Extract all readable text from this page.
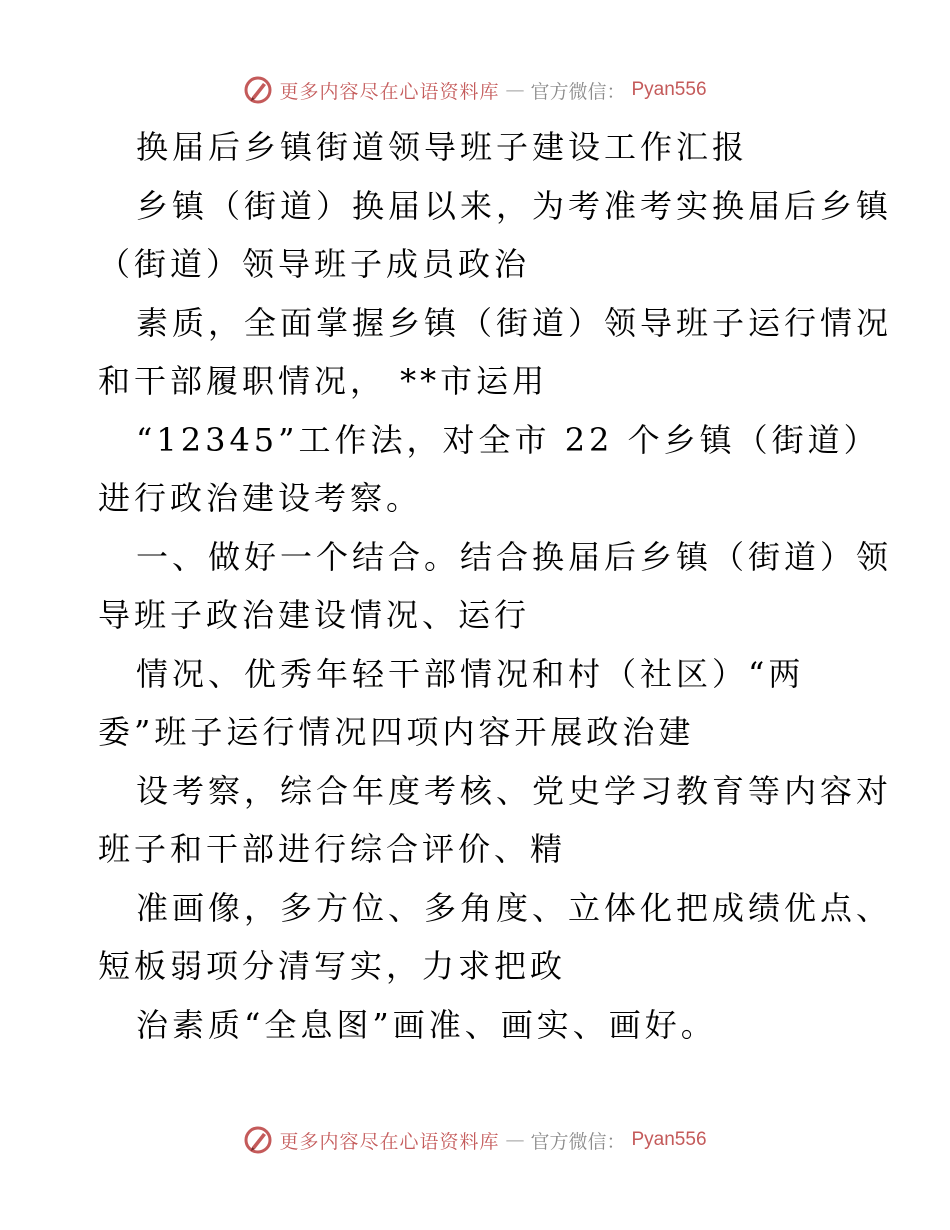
更多内容尽在心语资料库 — 官方微信： Pyan556
换届后乡镇街道领导班子建设工作汇报
乡镇（街道）换届以来，为考准考实换届后乡镇
（街道）领导班子成员政治
素质，全面掌握乡镇（街道）领导班子运行情况
和干部履职情况， **市运用
“12345”工作法，对全市 22 个乡镇（街道）
进行政治建设考察。
一、做好一个结合。结合换届后乡镇（街道）领
导班子政治建设情况、运行
情况、优秀年轻干部情况和村（社区）“两
委”班子运行情况四项内容开展政治建
设考察，综合年度考核、党史学习教育等内容对
班子和干部进行综合评价、精
准画像，多方位、多角度、立体化把成绩优点、
短板弱项分清写实，力求把政
治素质“全息图”画准、画实、画好。
更多内容尽在心语资料库 — 官方微信： Pyan556
